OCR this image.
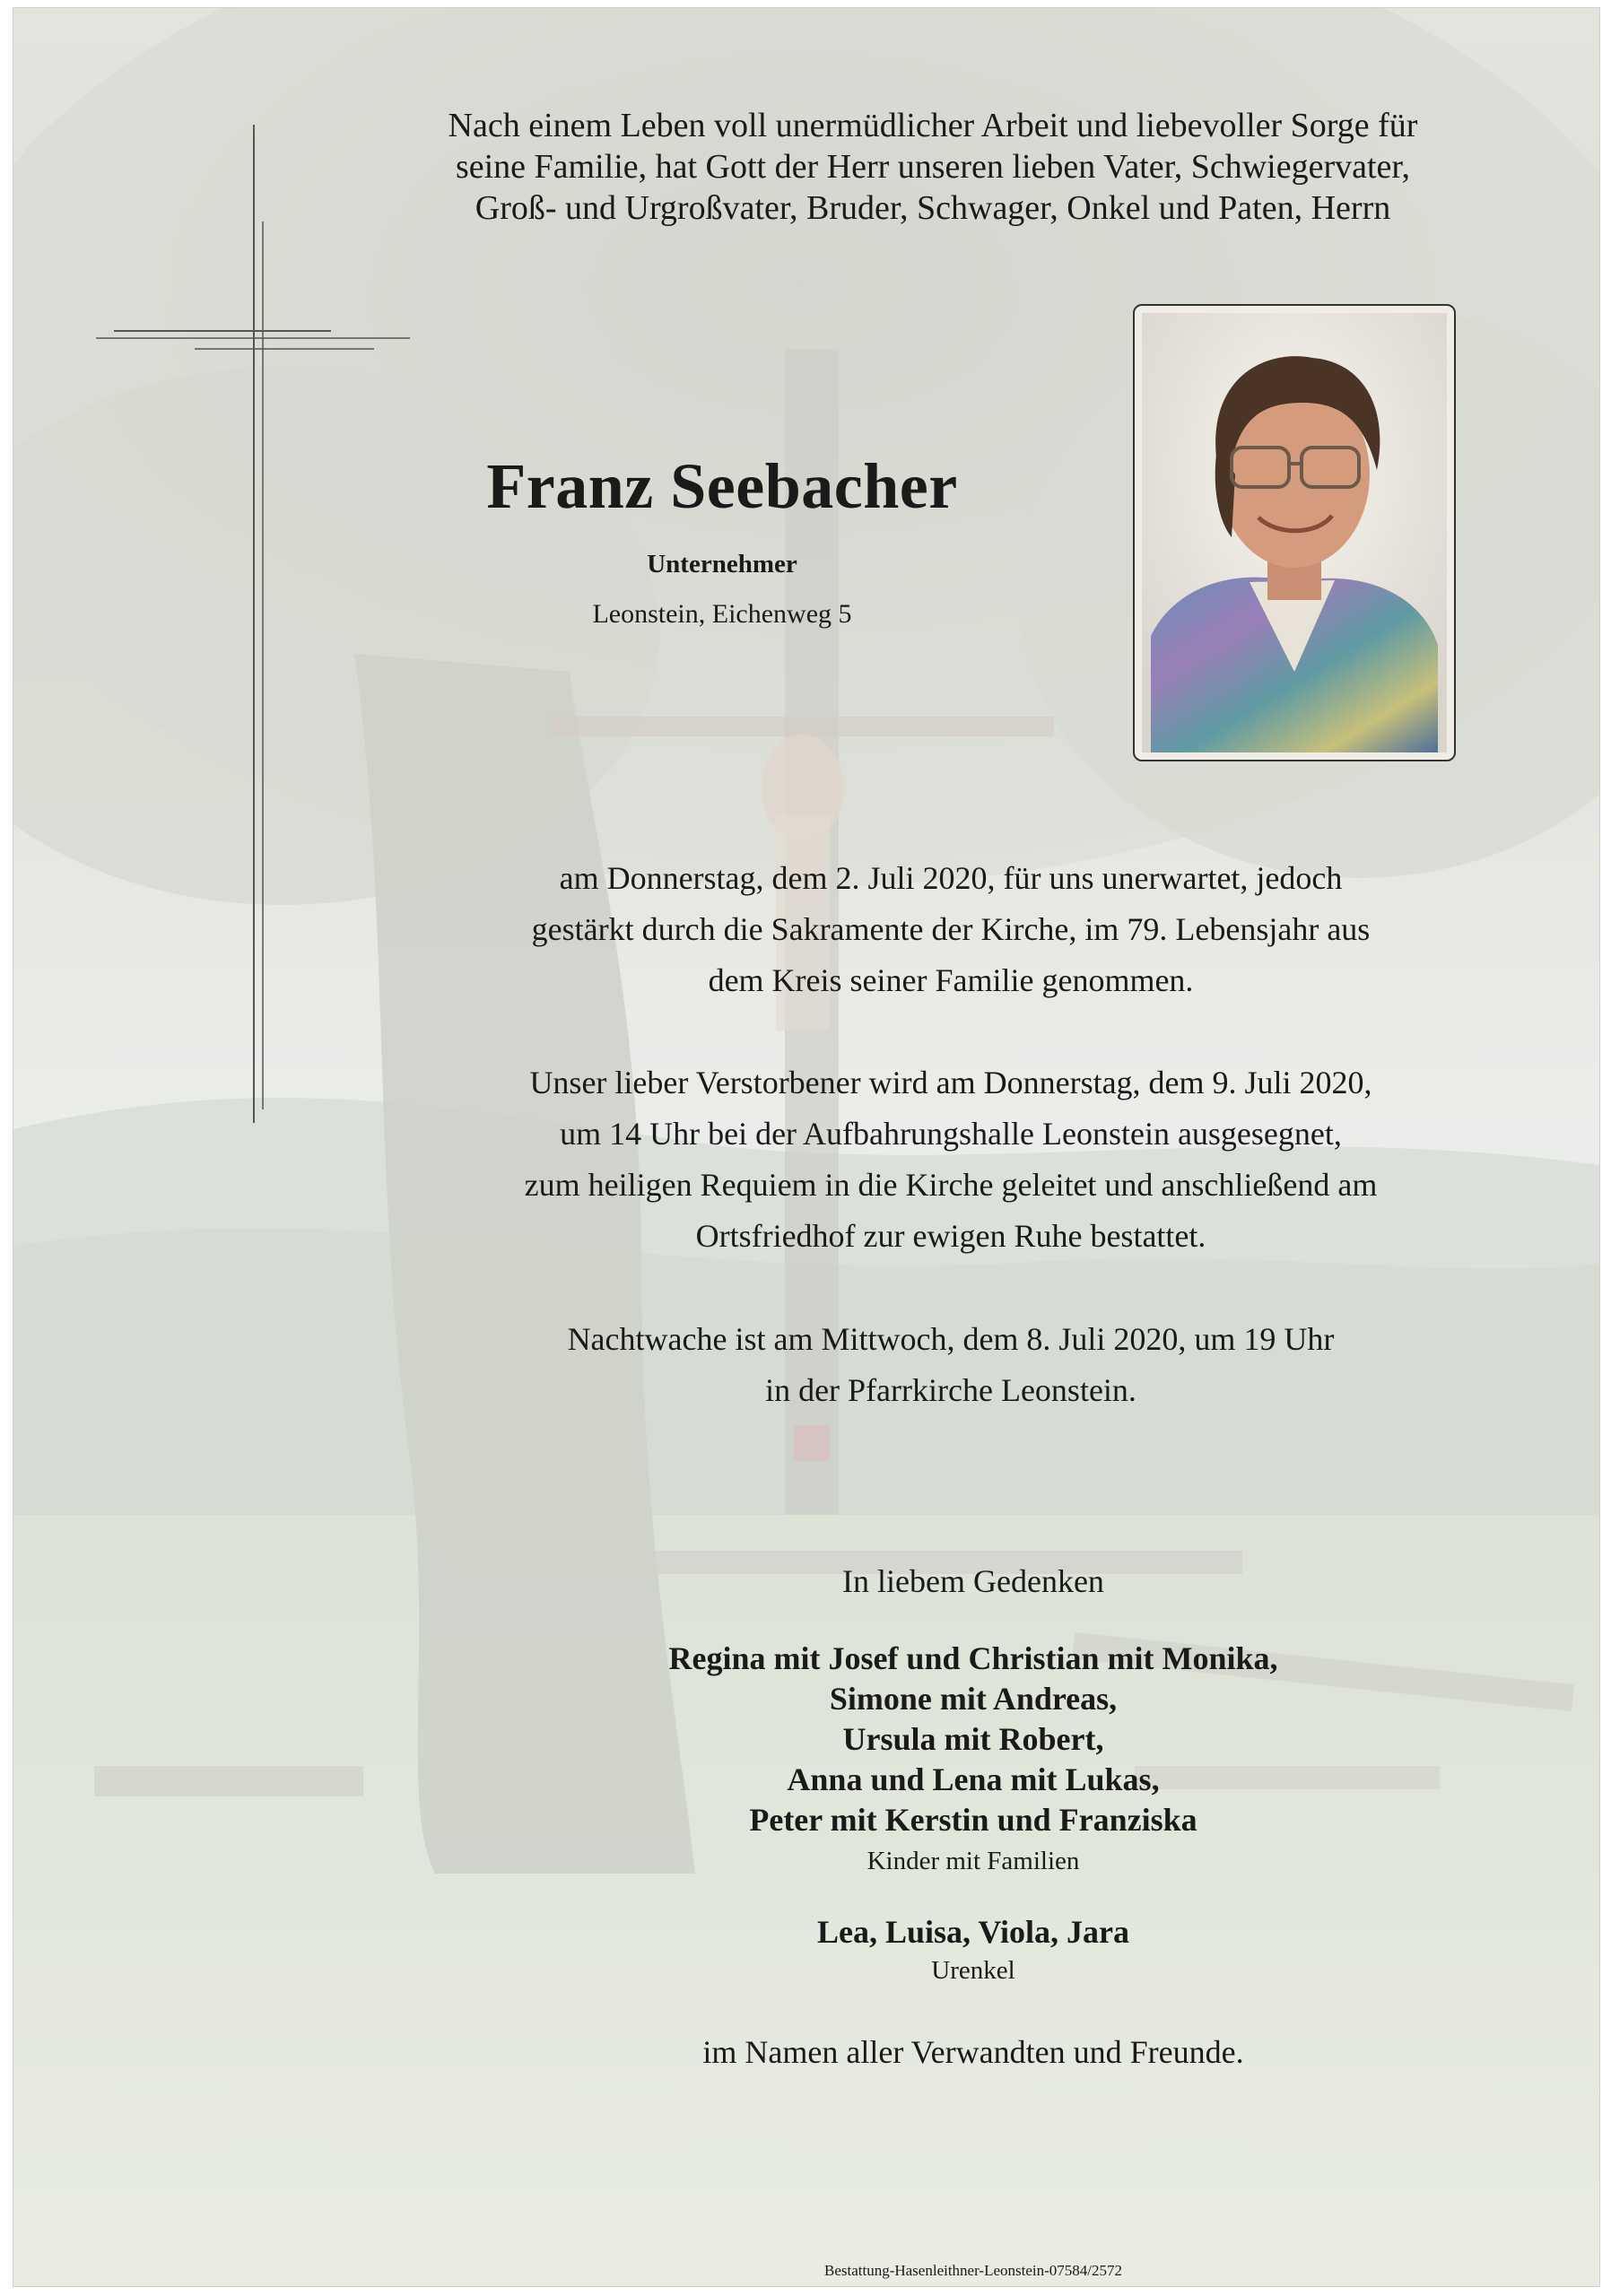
Nach einem Leben voll unermüdlicher Arbeit und liebevoller Sorge für
seine Familie, hat Gott der Herr unseren lieben Vater, Schwiegervater,
Groß- und Urgroßvater, Bruder, Schwager, Onkel und Paten, Herrn
Franz Seebacher
Unternehmer
Leonstein, Eichenweg 5
am Donnerstag, dem 2. Juli 2020, für uns unerwartet, jedoch
gestärkt durch die Sakramente der Kirche, im 79. Lebensjahr aus
dem Kreis seiner Familie genommen.
Unser lieber Verstorbener wird am Donnerstag, dem 9. Juli 2020,
um 14 Uhr bei der Aufbahrungshalle Leonstein ausgesegnet,
zum heiligen Requiem in die Kirche geleitet und anschließend am
Ortsfriedhof zur ewigen Ruhe bestattet.
Nachtwache ist am Mittwoch, dem 8. Juli 2020, um 19 Uhr
in der Pfarrkirche Leonstein.
In liebem Gedenken
Regina mit Josef und Christian mit Monika,
Simone mit Andreas,
Ursula mit Robert,
Anna und Lena mit Lukas,
Peter mit Kerstin und Franziska
Kinder mit Familien
Lea, Luisa, Viola, Jara
Urenkel
im Namen aller Verwandten und Freunde.
Bestattung-Hasenleithner-Leonstein-07584/2572
